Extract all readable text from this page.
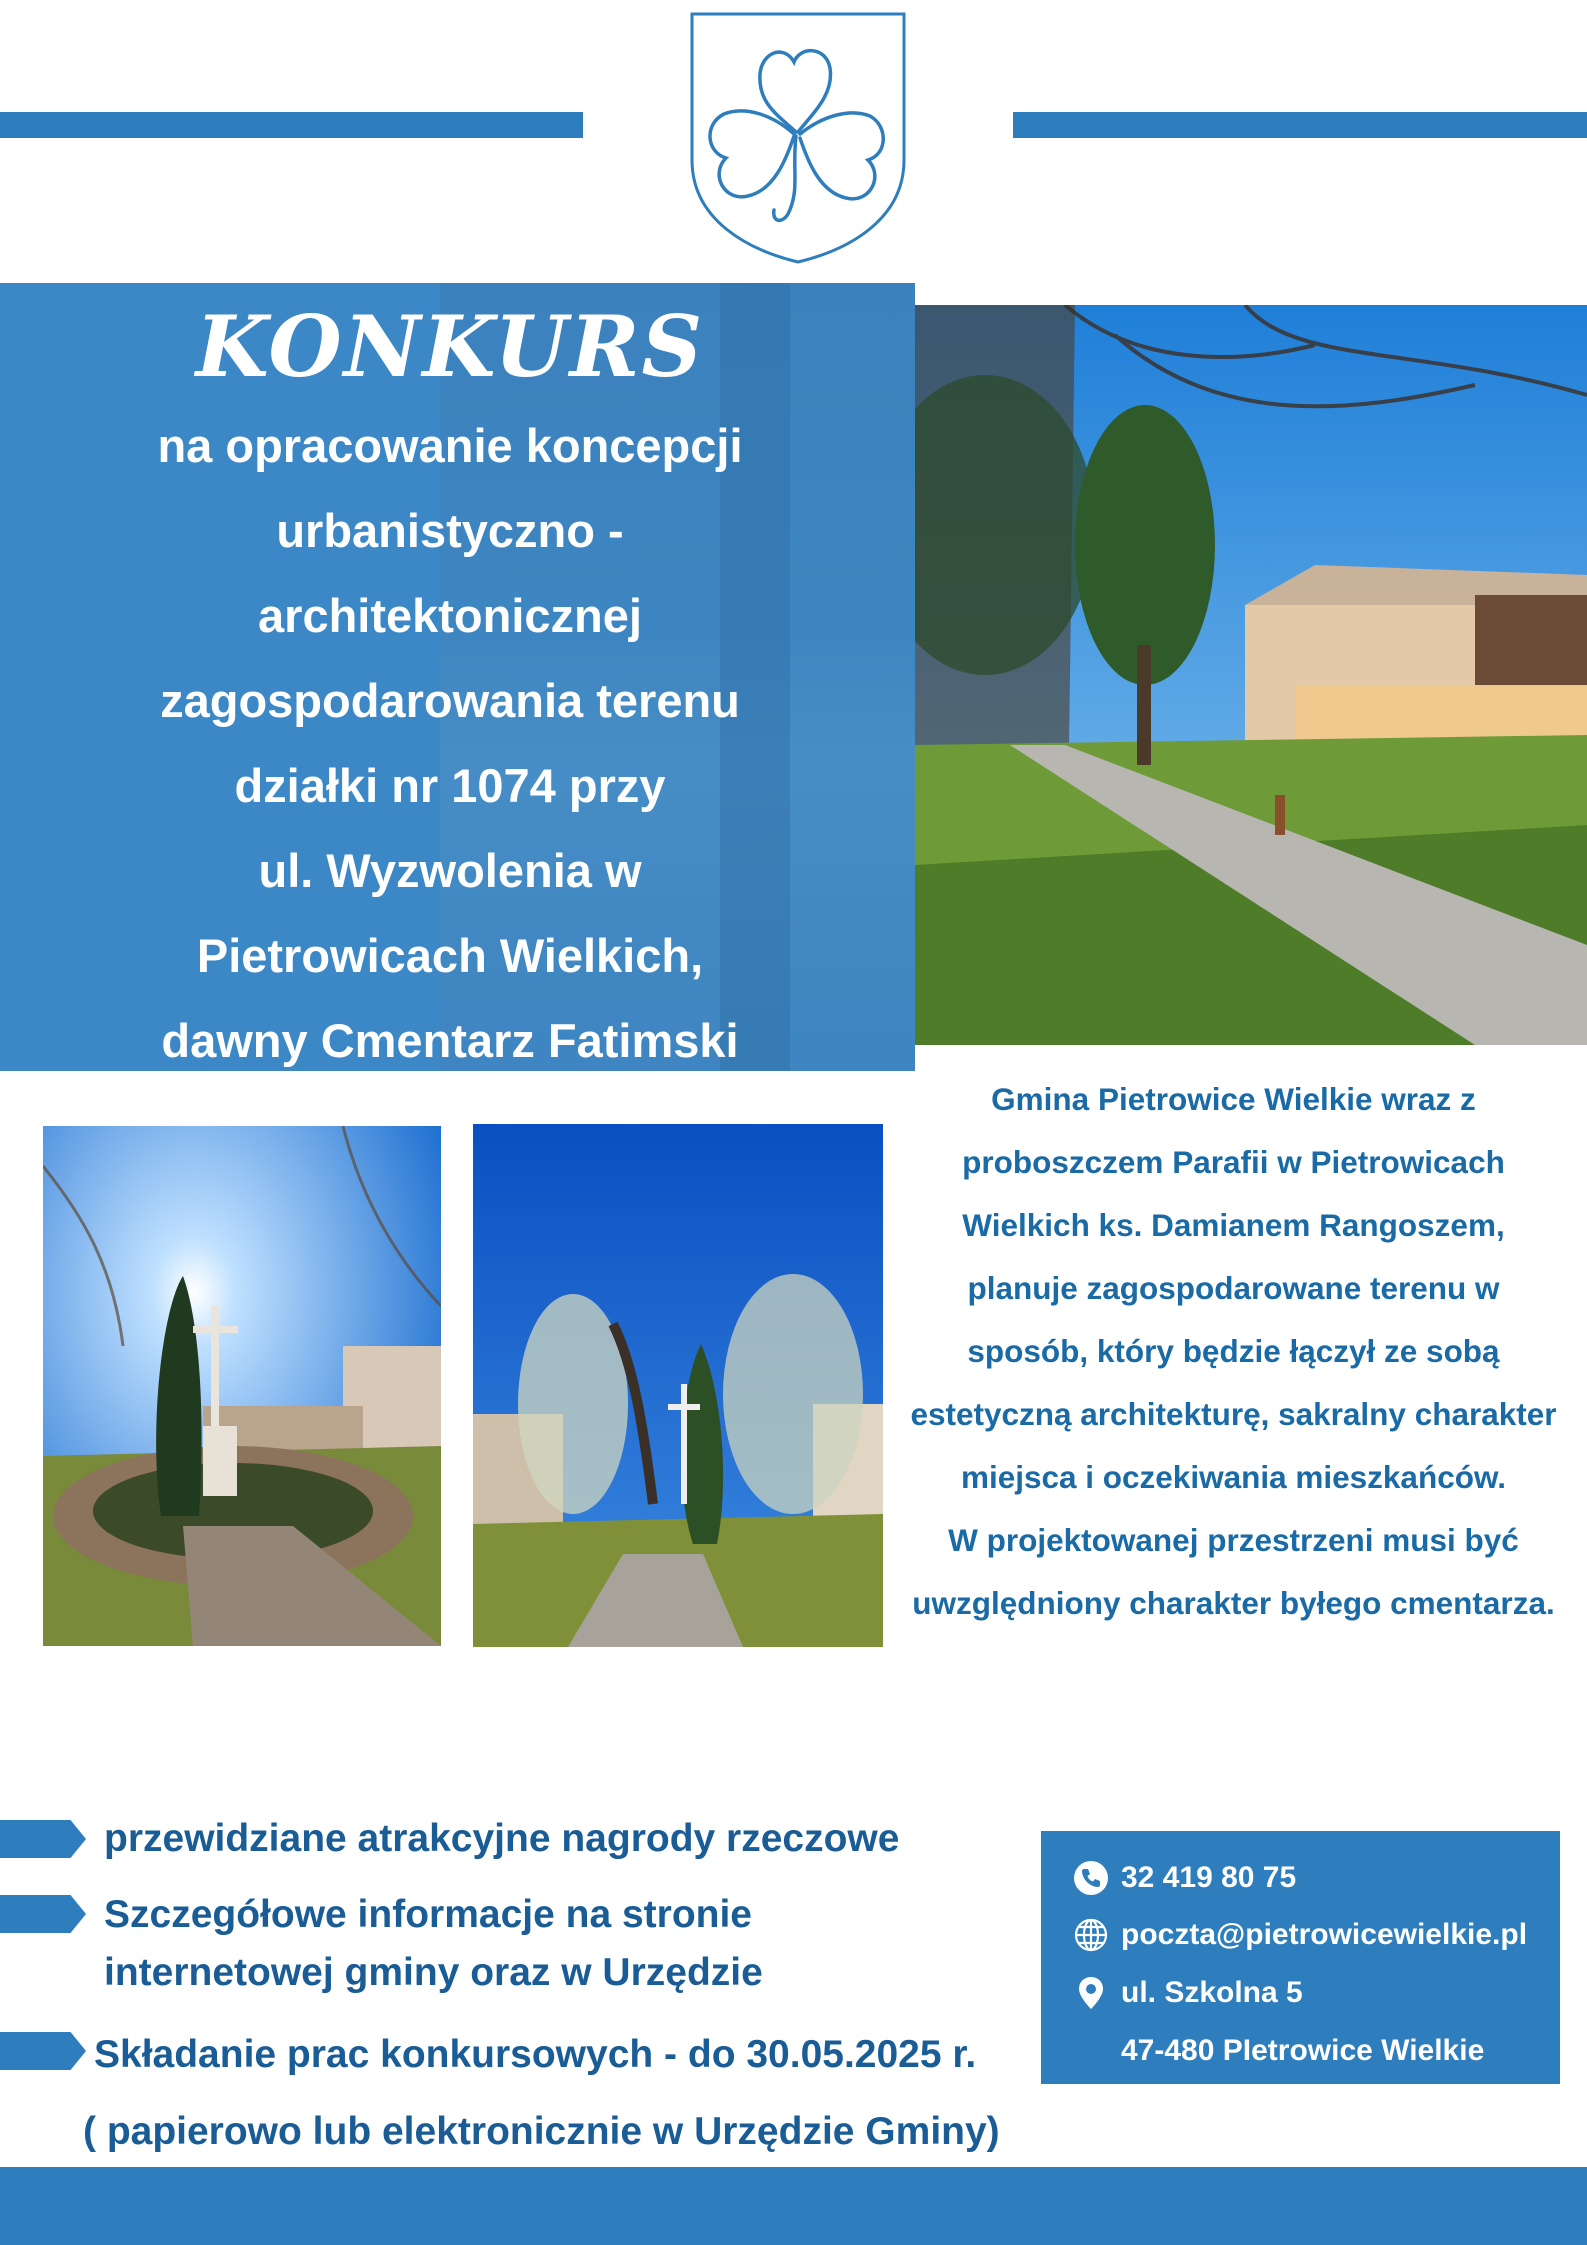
KONKURS
na opracowanie koncepcji
urbanistyczno -
architektonicznej
zagospodarowania terenu
działki nr 1074 przy
ul. Wyzwolenia w
Pietrowicach Wielkich,
dawny Cmentarz Fatimski
Gmina Pietrowice Wielkie wraz z
proboszczem Parafii w Pietrowicach
Wielkich ks. Damianem Rangoszem,
planuje zagospodarowane terenu w
sposób, który będzie łączył ze sobą
estetyczną architekturę, sakralny charakter
miejsca i oczekiwania mieszkańców.
W projektowanej przestrzeni musi być
uwzględniony charakter byłego cmentarza.
przewidziane atrakcyjne nagrody rzeczowe
Szczegółowe informacje na stronie
internetowej gminy oraz w Urzędzie
Składanie prac konkursowych - do 30.05.2025 r.
( papierowo lub elektronicznie w Urzędzie Gminy)
32 419 80 75
poczta@pietrowicewielkie.pl
ul. Szkolna 5
47-480 PIetrowice Wielkie
